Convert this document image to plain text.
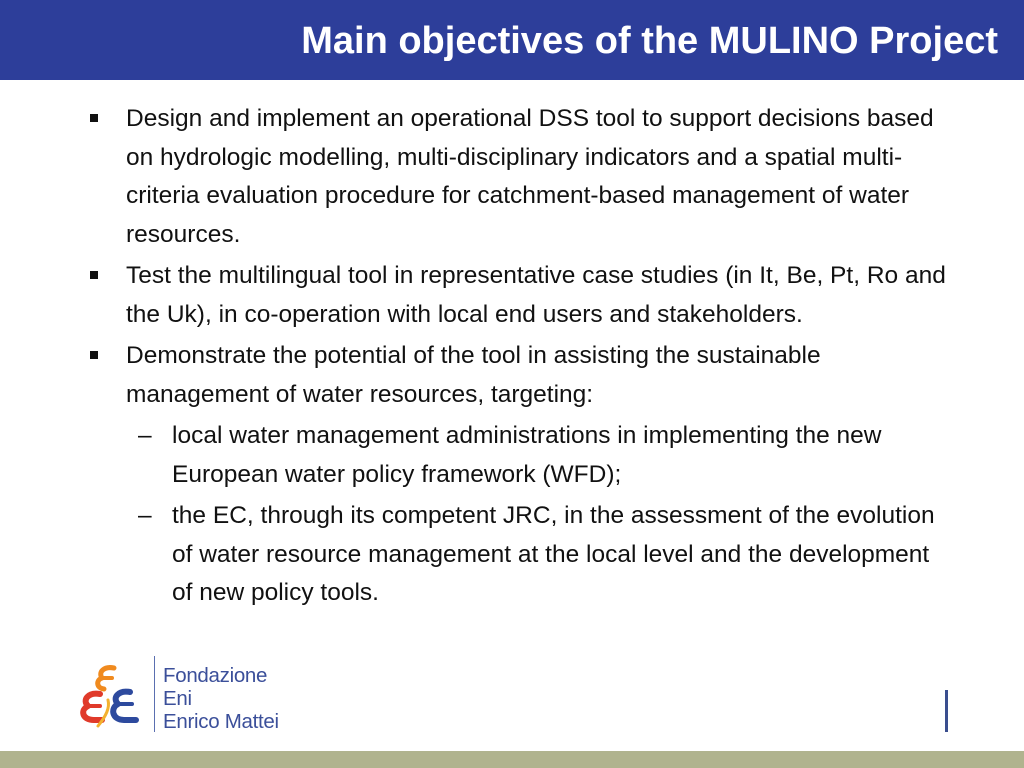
Main objectives of the MULINO Project
Design and implement an operational DSS tool to support decisions based on hydrologic modelling, multi-disciplinary indicators and a spatial multi-criteria evaluation procedure for catchment-based management of water resources.
Test the multilingual tool in representative case studies (in It, Be, Pt, Ro and the Uk), in co-operation with local end users and stakeholders.
Demonstrate the potential of the tool in assisting the sustainable management of water resources, targeting:
– local water management administrations in implementing the new European water policy framework (WFD);
– the EC, through its competent JRC, in the assessment of the evolution of water resource management at the local level and the development of new policy tools.
Fondazione
Eni
Enrico Mattei
